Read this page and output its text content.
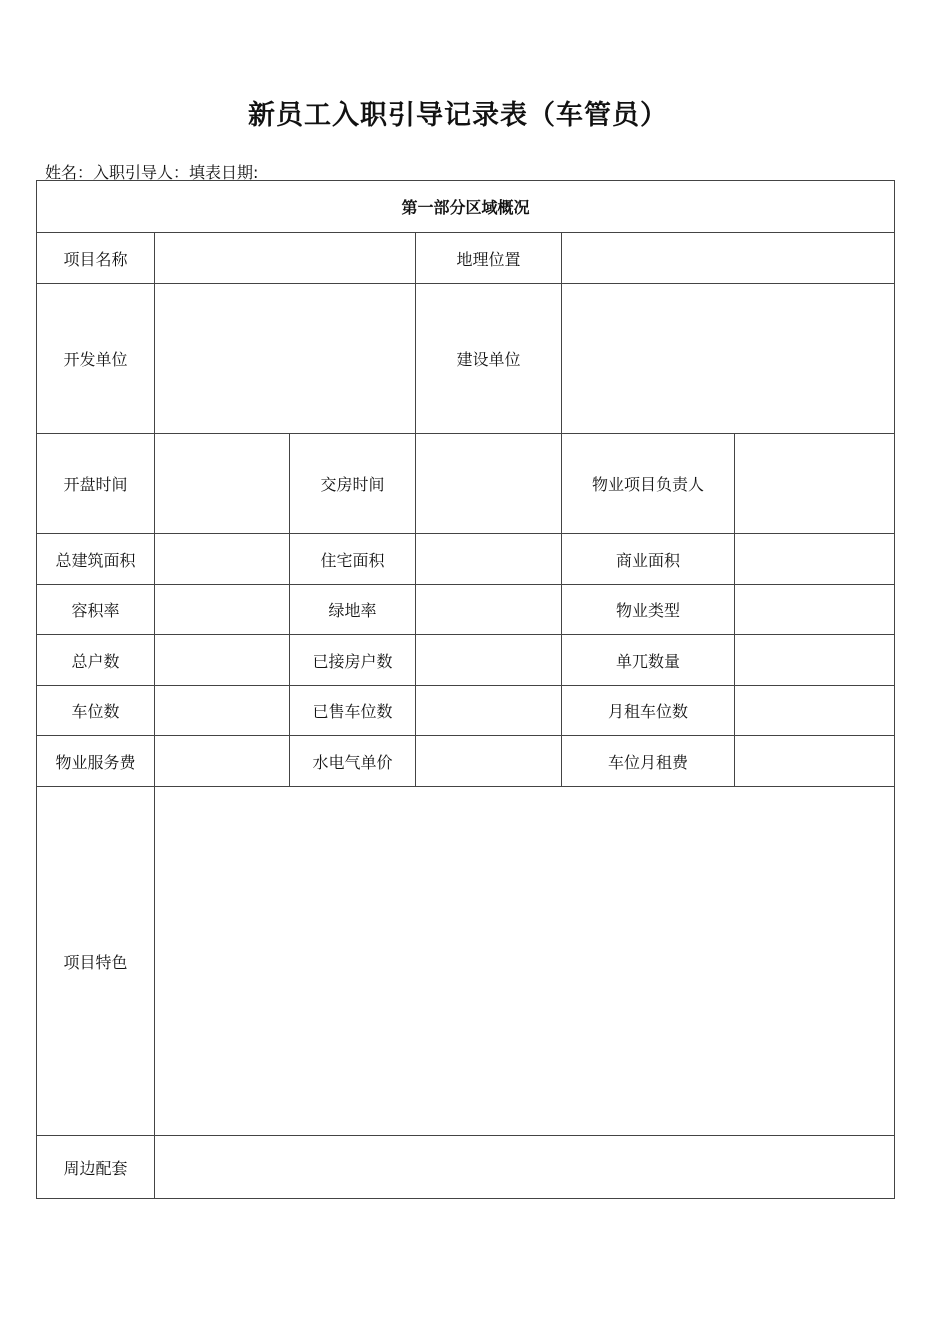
新员工入职引导记录表（车管员）
姓名：入职引导人：填表日期:
第一部分区域概况					
项目名称			地理位置		
开发单位			建设单位		
开盘时间		交房时间		物业项目负责人	
总建筑面积		住宅面积		商业面积	
容积率		绿地率		物业类型	
总户数		已接房户数		单兀数量	
车位数		已售车位数		月租车位数	
物业服务费		水电气单价		车位月租费	
项目特色					
周边配套					
